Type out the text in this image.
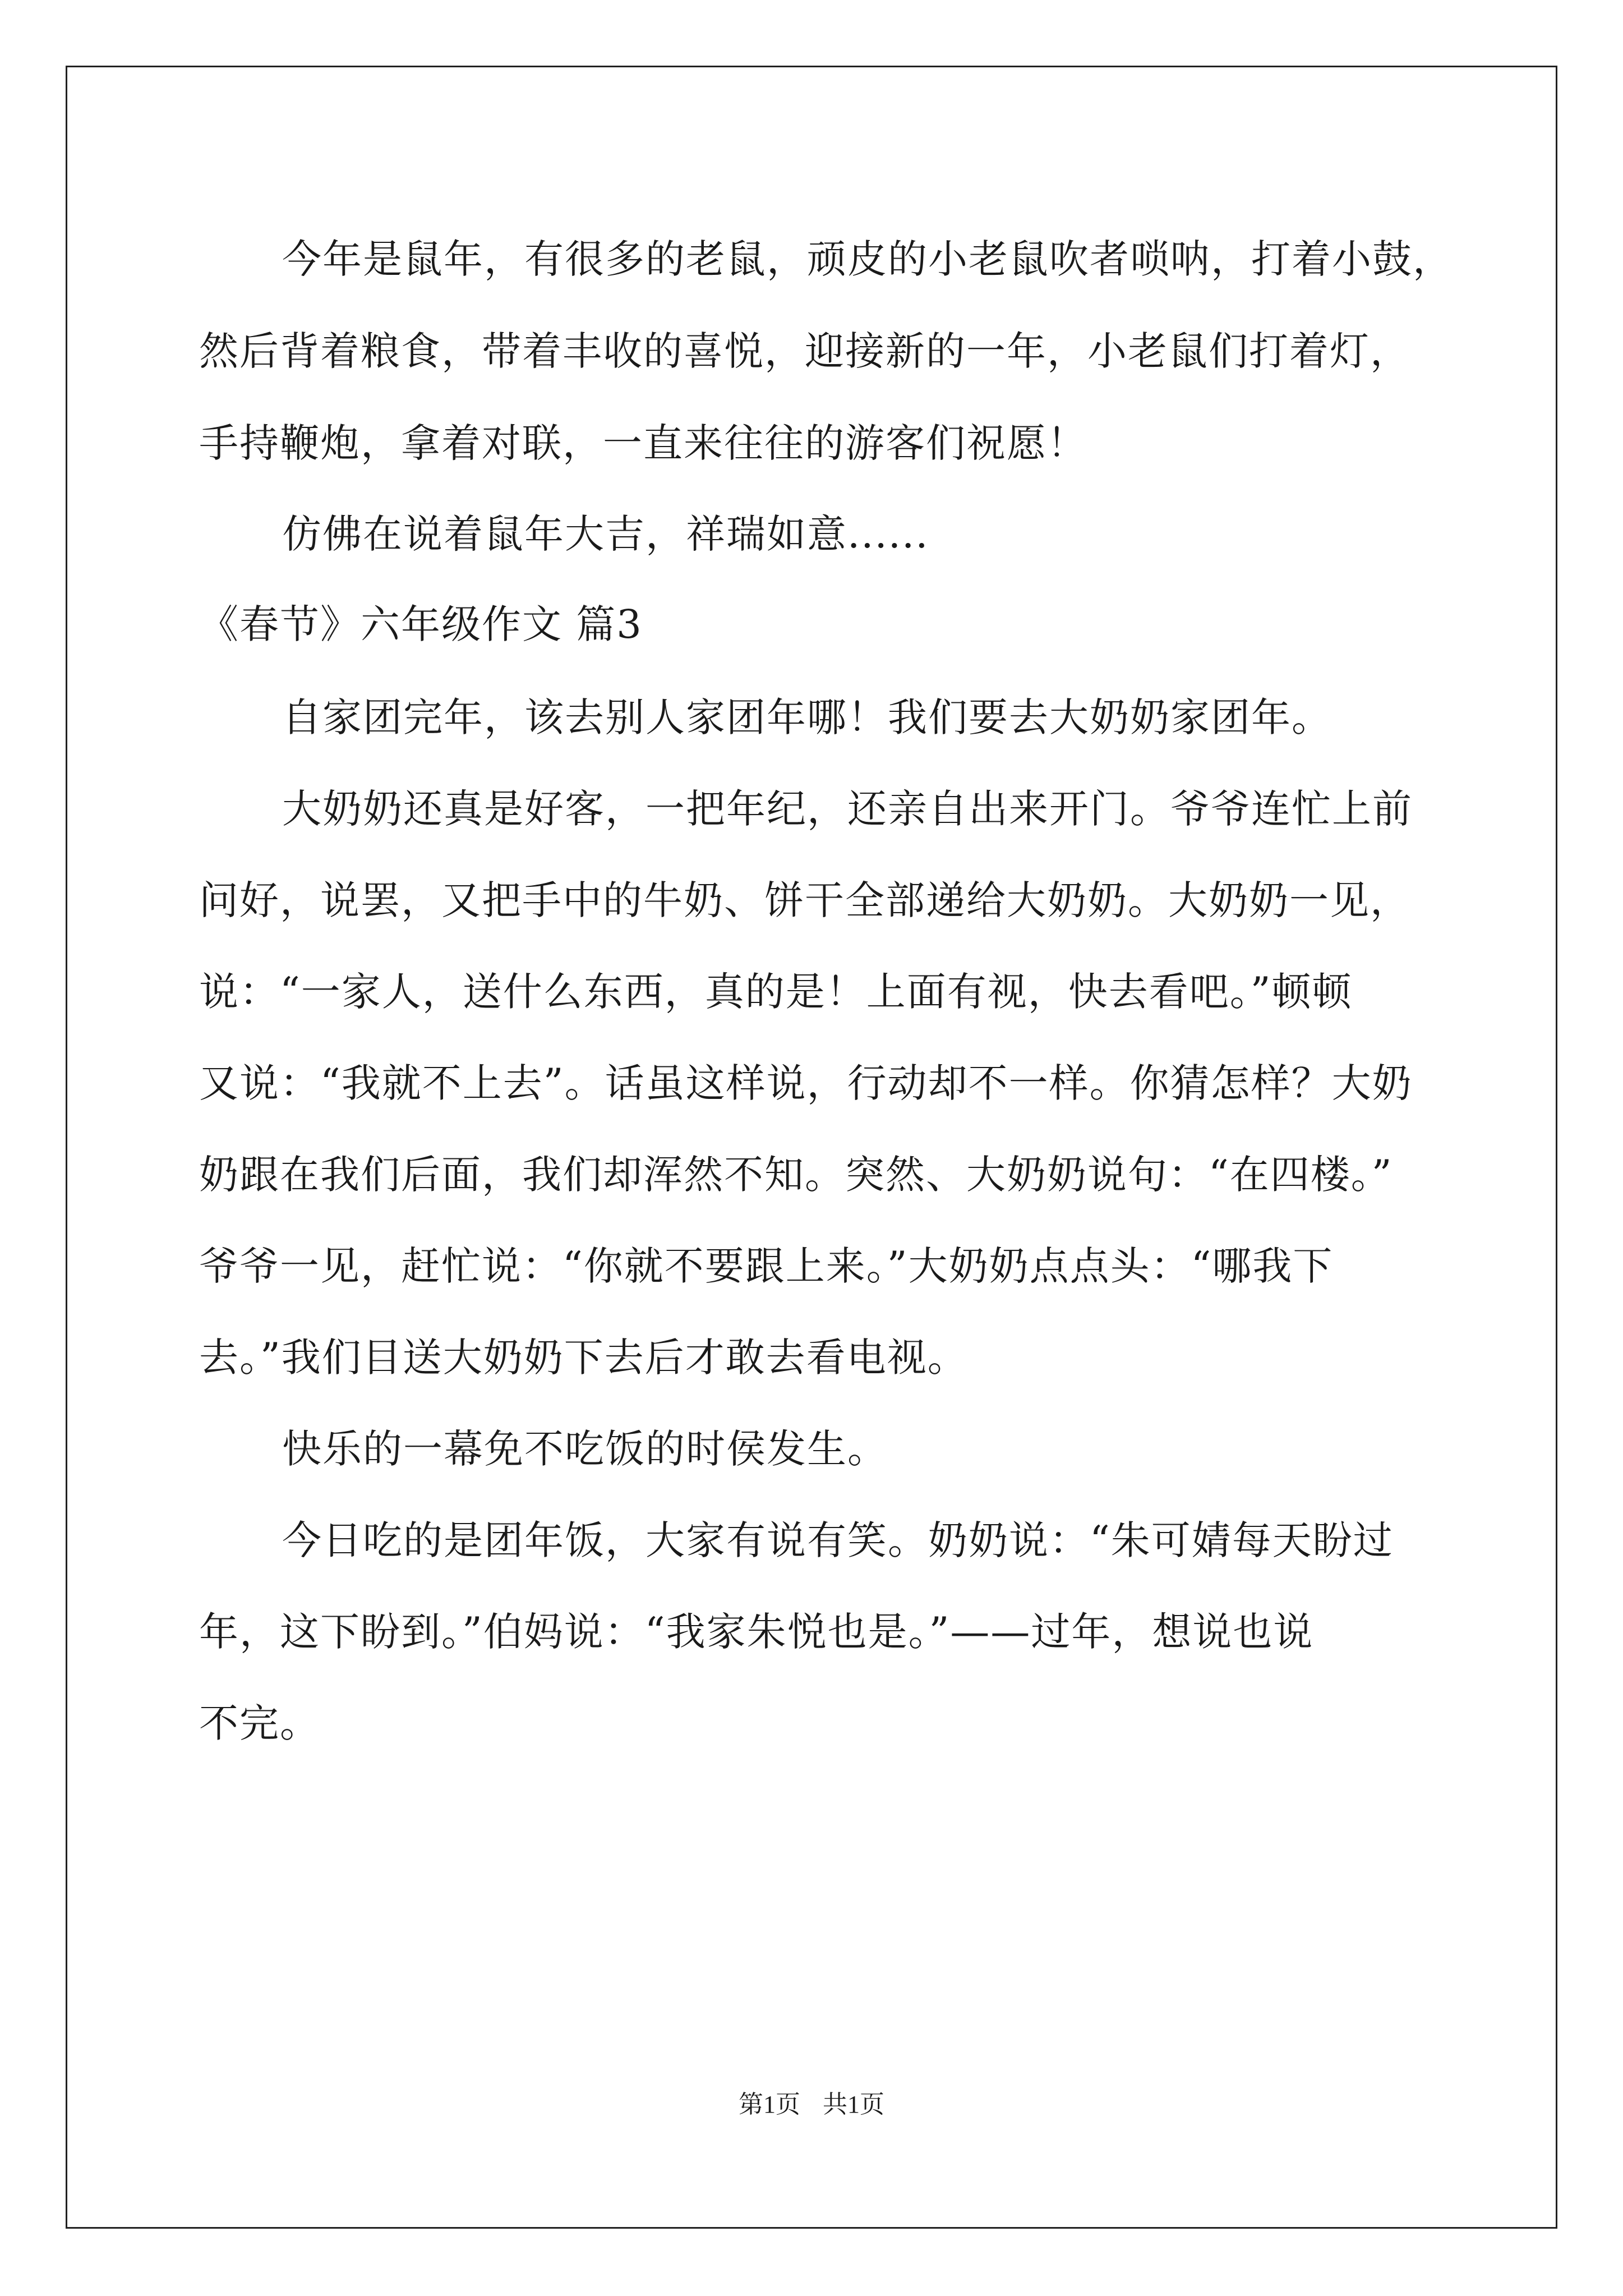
今年是鼠年，有很多的老鼠，顽皮的小老鼠吹者唢呐，打着小鼓，
然后背着粮食，带着丰收的喜悦，迎接新的一年，小老鼠们打着灯，
手持鞭炮，拿着对联，一直来往往的游客们祝愿！
仿佛在说着鼠年大吉，祥瑞如意......
《春节》六年级作文 篇3
自家团完年，该去别人家团年哪！我们要去大奶奶家团年。
大奶奶还真是好客，一把年纪，还亲自出来开门。爷爷连忙上前
问好，说罢，又把手中的牛奶、饼干全部递给大奶奶。大奶奶一见，
说：“一家人，送什么东西，真的是！上面有视，快去看吧。”顿顿
又说：“我就不上去”。话虽这样说，行动却不一样。你猜怎样？大奶
奶跟在我们后面，我们却浑然不知。突然、大奶奶说句：“在四楼。”
爷爷一见，赶忙说：“你就不要跟上来。”大奶奶点点头：“哪我下
去。”我们目送大奶奶下去后才敢去看电视。
快乐的一幕免不吃饭的时侯发生。
今日吃的是团年饭，大家有说有笑。奶奶说：“朱可婧每天盼过
年，这下盼到。”伯妈说：“我家朱悦也是。”——过年，想说也说
不完。
第1页 共1页
